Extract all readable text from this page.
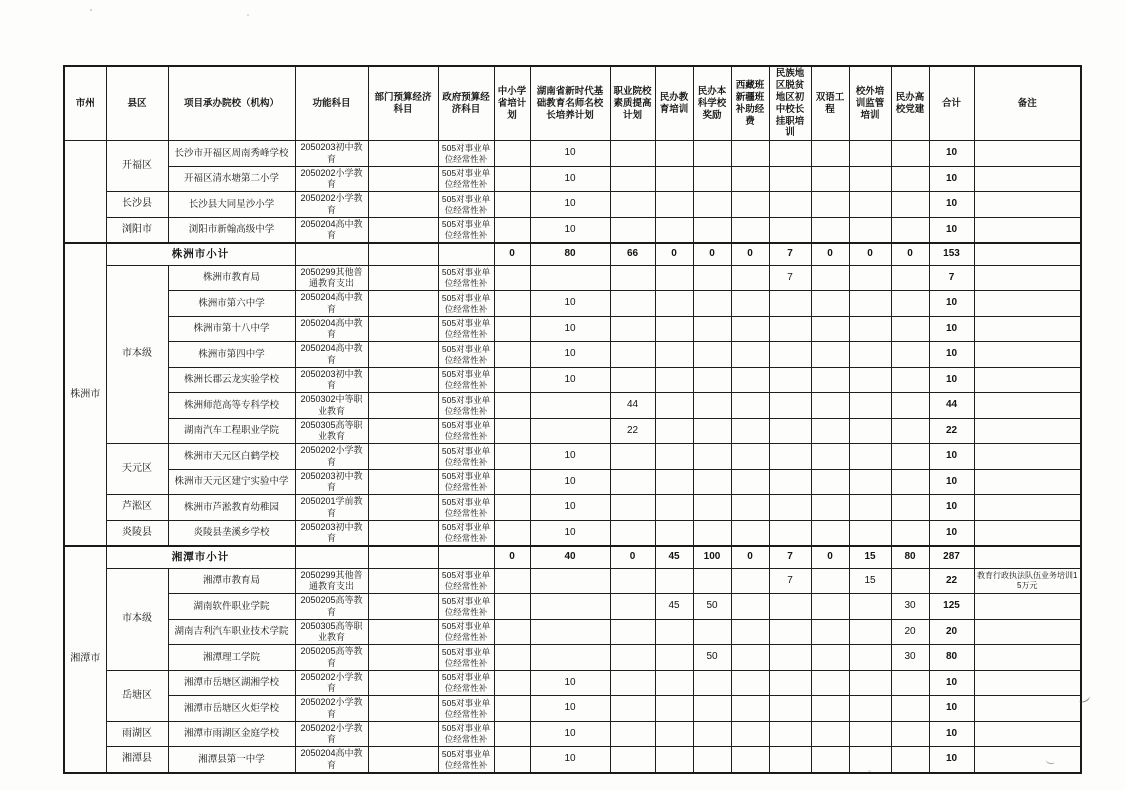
市州	县区	项目承办院校（机构）	功能科目	部门预算经济科目	政府预算经济科目	中小学省培计划	湖南省新时代基础教育名师名校长培养计划	职业院校素质提高计划	民办教育培训	民办本科学校奖励	西藏班新疆班补助经费	民族地区脱贫地区初中校长挂职培训	双语工程	校外培训监管培训	民办高校党建	合计	备注
	开福区	长沙市开福区周南秀峰学校	2050203初中教育		505对事业单位经常性补		10									10	
		开福区清水塘第二小学	2050202小学教育		505对事业单位经常性补		10									10	
	长沙县	长沙县大同星沙小学	2050202小学教育		505对事业单位经常性补		10									10	
	浏阳市	浏阳市新翰高级中学	2050204高中教育		505对事业单位经常性补		10									10	
株洲市	株洲市小计					0	80	66	0	0	0	7	0	0	0	153	
	市本级	株洲市教育局	2050299其他普通教育支出		505对事业单位经常性补							7				7	
		株洲市第六中学	2050204高中教育		505对事业单位经常性补		10									10	
		株洲市第十八中学	2050204高中教育		505对事业单位经常性补		10									10	
		株洲市第四中学	2050204高中教育		505对事业单位经常性补		10									10	
		株洲长郡云龙实验学校	2050203初中教育		505对事业单位经常性补		10									10	
		株洲师范高等专科学校	2050302中等职业教育		505对事业单位经常性补			44								44	
		湖南汽车工程职业学院	2050305高等职业教育		505对事业单位经常性补			22								22	
	天元区	株洲市天元区白鹤学校	2050202小学教育		505对事业单位经常性补		10									10	
		株洲市天元区建宁实验中学	2050203初中教育		505对事业单位经常性补		10									10	
	芦淞区	株洲市芦淞教育幼稚园	2050201学前教育		505对事业单位经常性补		10									10	
	炎陵县	炎陵县垄溪乡学校	2050203初中教育		505对事业单位经常性补		10									10	
湘潭市	湘潭市小计					0	40	0	45	100	0	7	0	15	80	287	
	市本级	湘潭市教育局	2050299其他普通教育支出		505对事业单位经常性补							7		15		22	教育行政执法队伍业务培训15万元
		湖南软件职业学院	2050205高等教育		505对事业单位经常性补				45	50					30	125	
		湖南吉利汽车职业技术学院	2050305高等职业教育		505对事业单位经常性补										20	20	
		湘潭理工学院	2050205高等教育		505对事业单位经常性补					50					30	80	
	岳塘区	湘潭市岳塘区湖湘学校	2050202小学教育		505对事业单位经常性补		10									10	
		湘潭市岳塘区火炬学校	2050202小学教育		505对事业单位经常性补		10									10	
	雨湖区	湘潭市雨湖区金庭学校	2050202小学教育		505对事业单位经常性补		10									10	
	湘潭县	湘潭县第一中学	2050204高中教育		505对事业单位经常性补		10									10	
